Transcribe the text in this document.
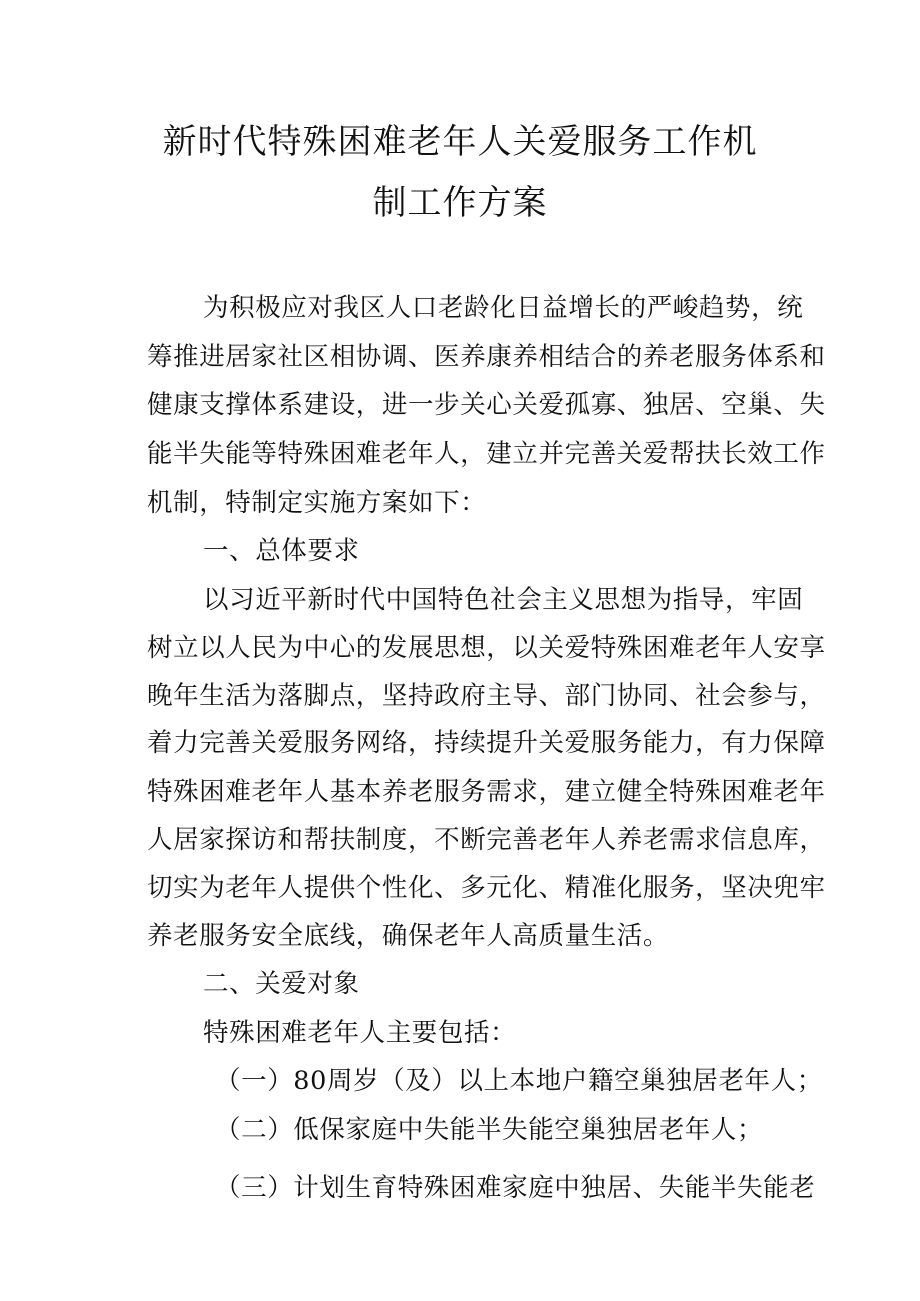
新时代特殊困难老年人关爱服务工作机
制工作方案
为积极应对我区人口老龄化日益增长的严峻趋势，统
筹推进居家社区相协调、医养康养相结合的养老服务体系和
健康支撑体系建设，进一步关心关爱孤寡、独居、空巢、失
能半失能等特殊困难老年人，建立并完善关爱帮扶长效工作
机制，特制定实施方案如下：
一、总体要求
以习近平新时代中国特色社会主义思想为指导，牢固
树立以人民为中心的发展思想，以关爱特殊困难老年人安享
晚年生活为落脚点，坚持政府主导、部门协同、社会参与，
着力完善关爱服务网络，持续提升关爱服务能力，有力保障
特殊困难老年人基本养老服务需求，建立健全特殊困难老年
人居家探访和帮扶制度，不断完善老年人养老需求信息库，
切实为老年人提供个性化、多元化、精准化服务，坚决兜牢
养老服务安全底线，确保老年人高质量生活。
二、关爱对象
特殊困难老年人主要包括：
（一）80周岁（及）以上本地户籍空巢独居老年人；
（二）低保家庭中失能半失能空巢独居老年人；
（三）计划生育特殊困难家庭中独居、失能半失能老
